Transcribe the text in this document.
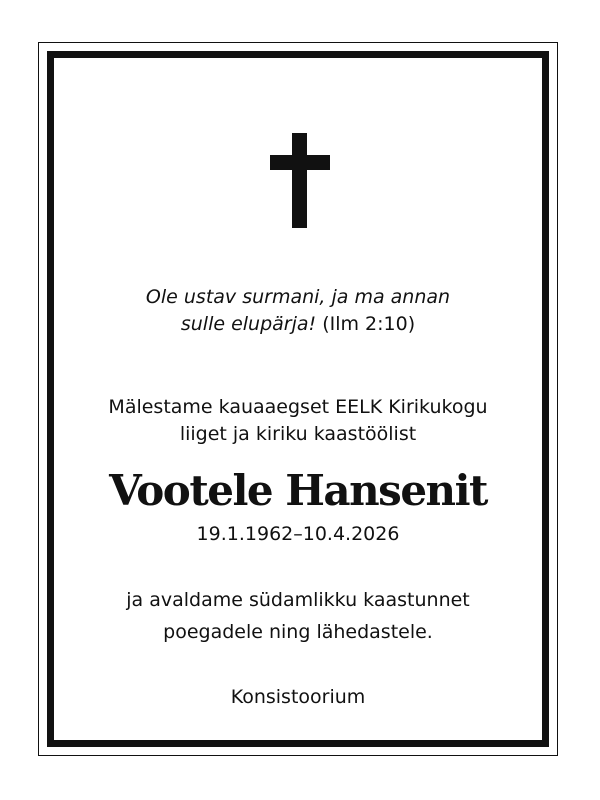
Ole ustav surmani, ja ma annan
sulle elupärja! (Ilm 2:10)
Mälestame kauaaegset EELK Kirikukogu
liiget ja kiriku kaastöölist
Vootele Hansenit
19.1.1962–10.4.2026
ja avaldame südamlikku kaastunnet
poegadele ning lähedastele.
Konsistoorium
